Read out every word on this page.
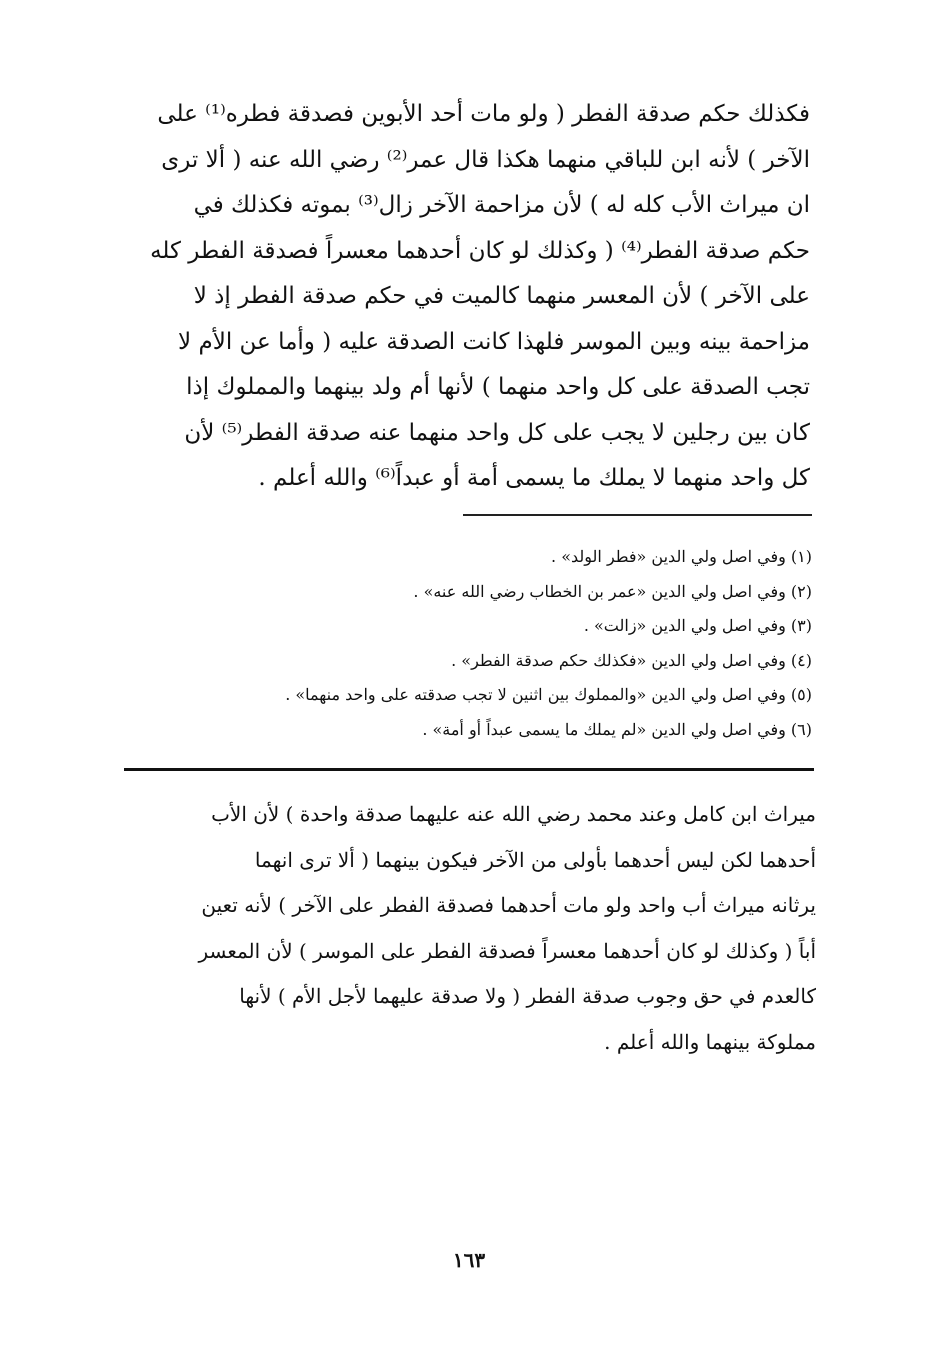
فكذلك حكم صدقة الفطر ( ولو مات أحد الأبوين فصدقة فطره⁽¹⁾ على
الآخر ) لأنه ابن للباقي منهما هكذا قال عمر⁽²⁾ رضي الله عنه ( ألا ترى
ان ميراث الأب كله له ) لأن مزاحمة الآخر زال⁽³⁾ بموته فكذلك في
حكم صدقة الفطر⁽⁴⁾ ( وكذلك لو كان أحدهما معسراً فصدقة الفطر كله
على الآخر ) لأن المعسر منهما كالميت في حكم صدقة الفطر إذ لا
مزاحمة بينه وبين الموسر فلهذا كانت الصدقة عليه ( وأما عن الأم لا
تجب الصدقة على كل واحد منهما ) لأنها أم ولد بينهما والمملوك إذا
كان بين رجلين لا يجب على كل واحد منهما عنه صدقة الفطر⁽⁵⁾ لأن
كل واحد منهما لا يملك ما يسمى أمة أو عبداً⁽⁶⁾ والله أعلم .
(١) وفي اصل ولي الدين «فطر الولد» .
(٢) وفي اصل ولي الدين «عمر بن الخطاب رضي الله عنه» .
(٣) وفي اصل ولي الدين «زالت» .
(٤) وفي اصل ولي الدين «فكذلك حكم صدقة الفطر» .
(٥) وفي اصل ولي الدين «والمملوك بين اثنين لا تجب صدقته على واحد منهما» .
(٦) وفي اصل ولي الدين «لم يملك ما يسمى عبداً أو أمة» .
ميراث ابن كامل وعند محمد رضي الله عنه عليهما صدقة واحدة ) لأن الأب
أحدهما لكن ليس أحدهما بأولى من الآخر فيكون بينهما ( ألا ترى انهما
يرثانه ميراث أب واحد ولو مات أحدهما فصدقة الفطر على الآخر ) لأنه تعين
أباً ( وكذلك لو كان أحدهما معسراً فصدقة الفطر على الموسر ) لأن المعسر
كالعدم في حق وجوب صدقة الفطر ( ولا صدقة عليهما لأجل الأم ) لأنها
مملوكة بينهما والله أعلم .
١٦٣
